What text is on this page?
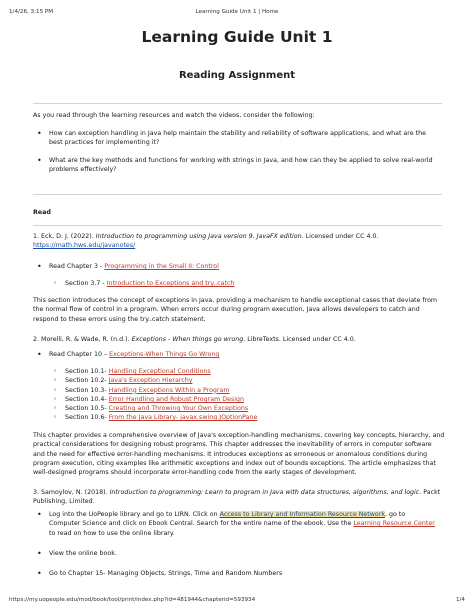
1/4/26, 3:15 PM	Learning Guide Unit 1 | Home
Learning Guide Unit 1
Reading Assignment

As you read through the learning resources and watch the videos, consider the following:

• How can exception handling in Java help maintain the stability and reliability of software applications, and what are the best practices for implementing it?
• What are the key methods and functions for working with strings in Java, and how can they be applied to solve real-world problems effectively?

Read

1. Eck, D. J. (2022). Introduction to programming using Java version 9, JavaFX edition. Licensed under CC 4.0. https://math.hws.edu/javanotes/

• Read Chapter 3 - Programming in the Small II: Control
◦ Section 3.7 - Introduction to Exceptions and try..catch

This section introduces the concept of exceptions in Java, providing a mechanism to handle exceptional cases that deviate from the normal flow of control in a program. When errors occur during program execution, Java allows developers to catch and respond to these errors using the try..catch statement.

2. Morelli, R. & Wade, R. (n.d.). Exceptions - When things go wrong. LibreTexts. Licensed under CC 4.0.

• Read Chapter 10 – Exceptions-When Things Go Wrong
◦ Section 10.1- Handling Exceptional Conditions
◦ Section 10.2- Java's Exception Hierarchy
◦ Section 10.3- Handling Exceptions Within a Program
◦ Section 10.4- Error Handling and Robust Program Design
◦ Section 10.5- Creating and Throwing Your Own Exceptions
◦ Section 10.6- From the Java Library- javax.swing.JOptionPane

This chapter provides a comprehensive overview of Java's exception-handling mechanisms, covering key concepts, hierarchy, and practical considerations for designing robust programs. This chapter addresses the inevitability of errors in computer software and the need for effective error-handling mechanisms. It introduces exceptions as erroneous or anomalous conditions during program execution, citing examples like arithmetic exceptions and index out of bounds exceptions. The article emphasizes that well-designed programs should incorporate error-handling code from the early stages of development.

3. Samoylov, N. (2018). Introduction to programming: Learn to program in Java with data structures, algorithms, and logic. Packt Publishing, Limited.

• Log into the UoPeople library and go to LIRN. Click on Access to Library and Information Resource Network, go to Computer Science and click on Ebook Central. Search for the entire name of the ebook. Use the Learning Resource Center to read on how to use the online library.
• View the online book.
• Go to Chapter 15- Managing Objects, Strings, Time and Random Numbers
https://my.uopeople.edu/mod/book/tool/print/index.php?id=481944&chapterid=593934	1/4
